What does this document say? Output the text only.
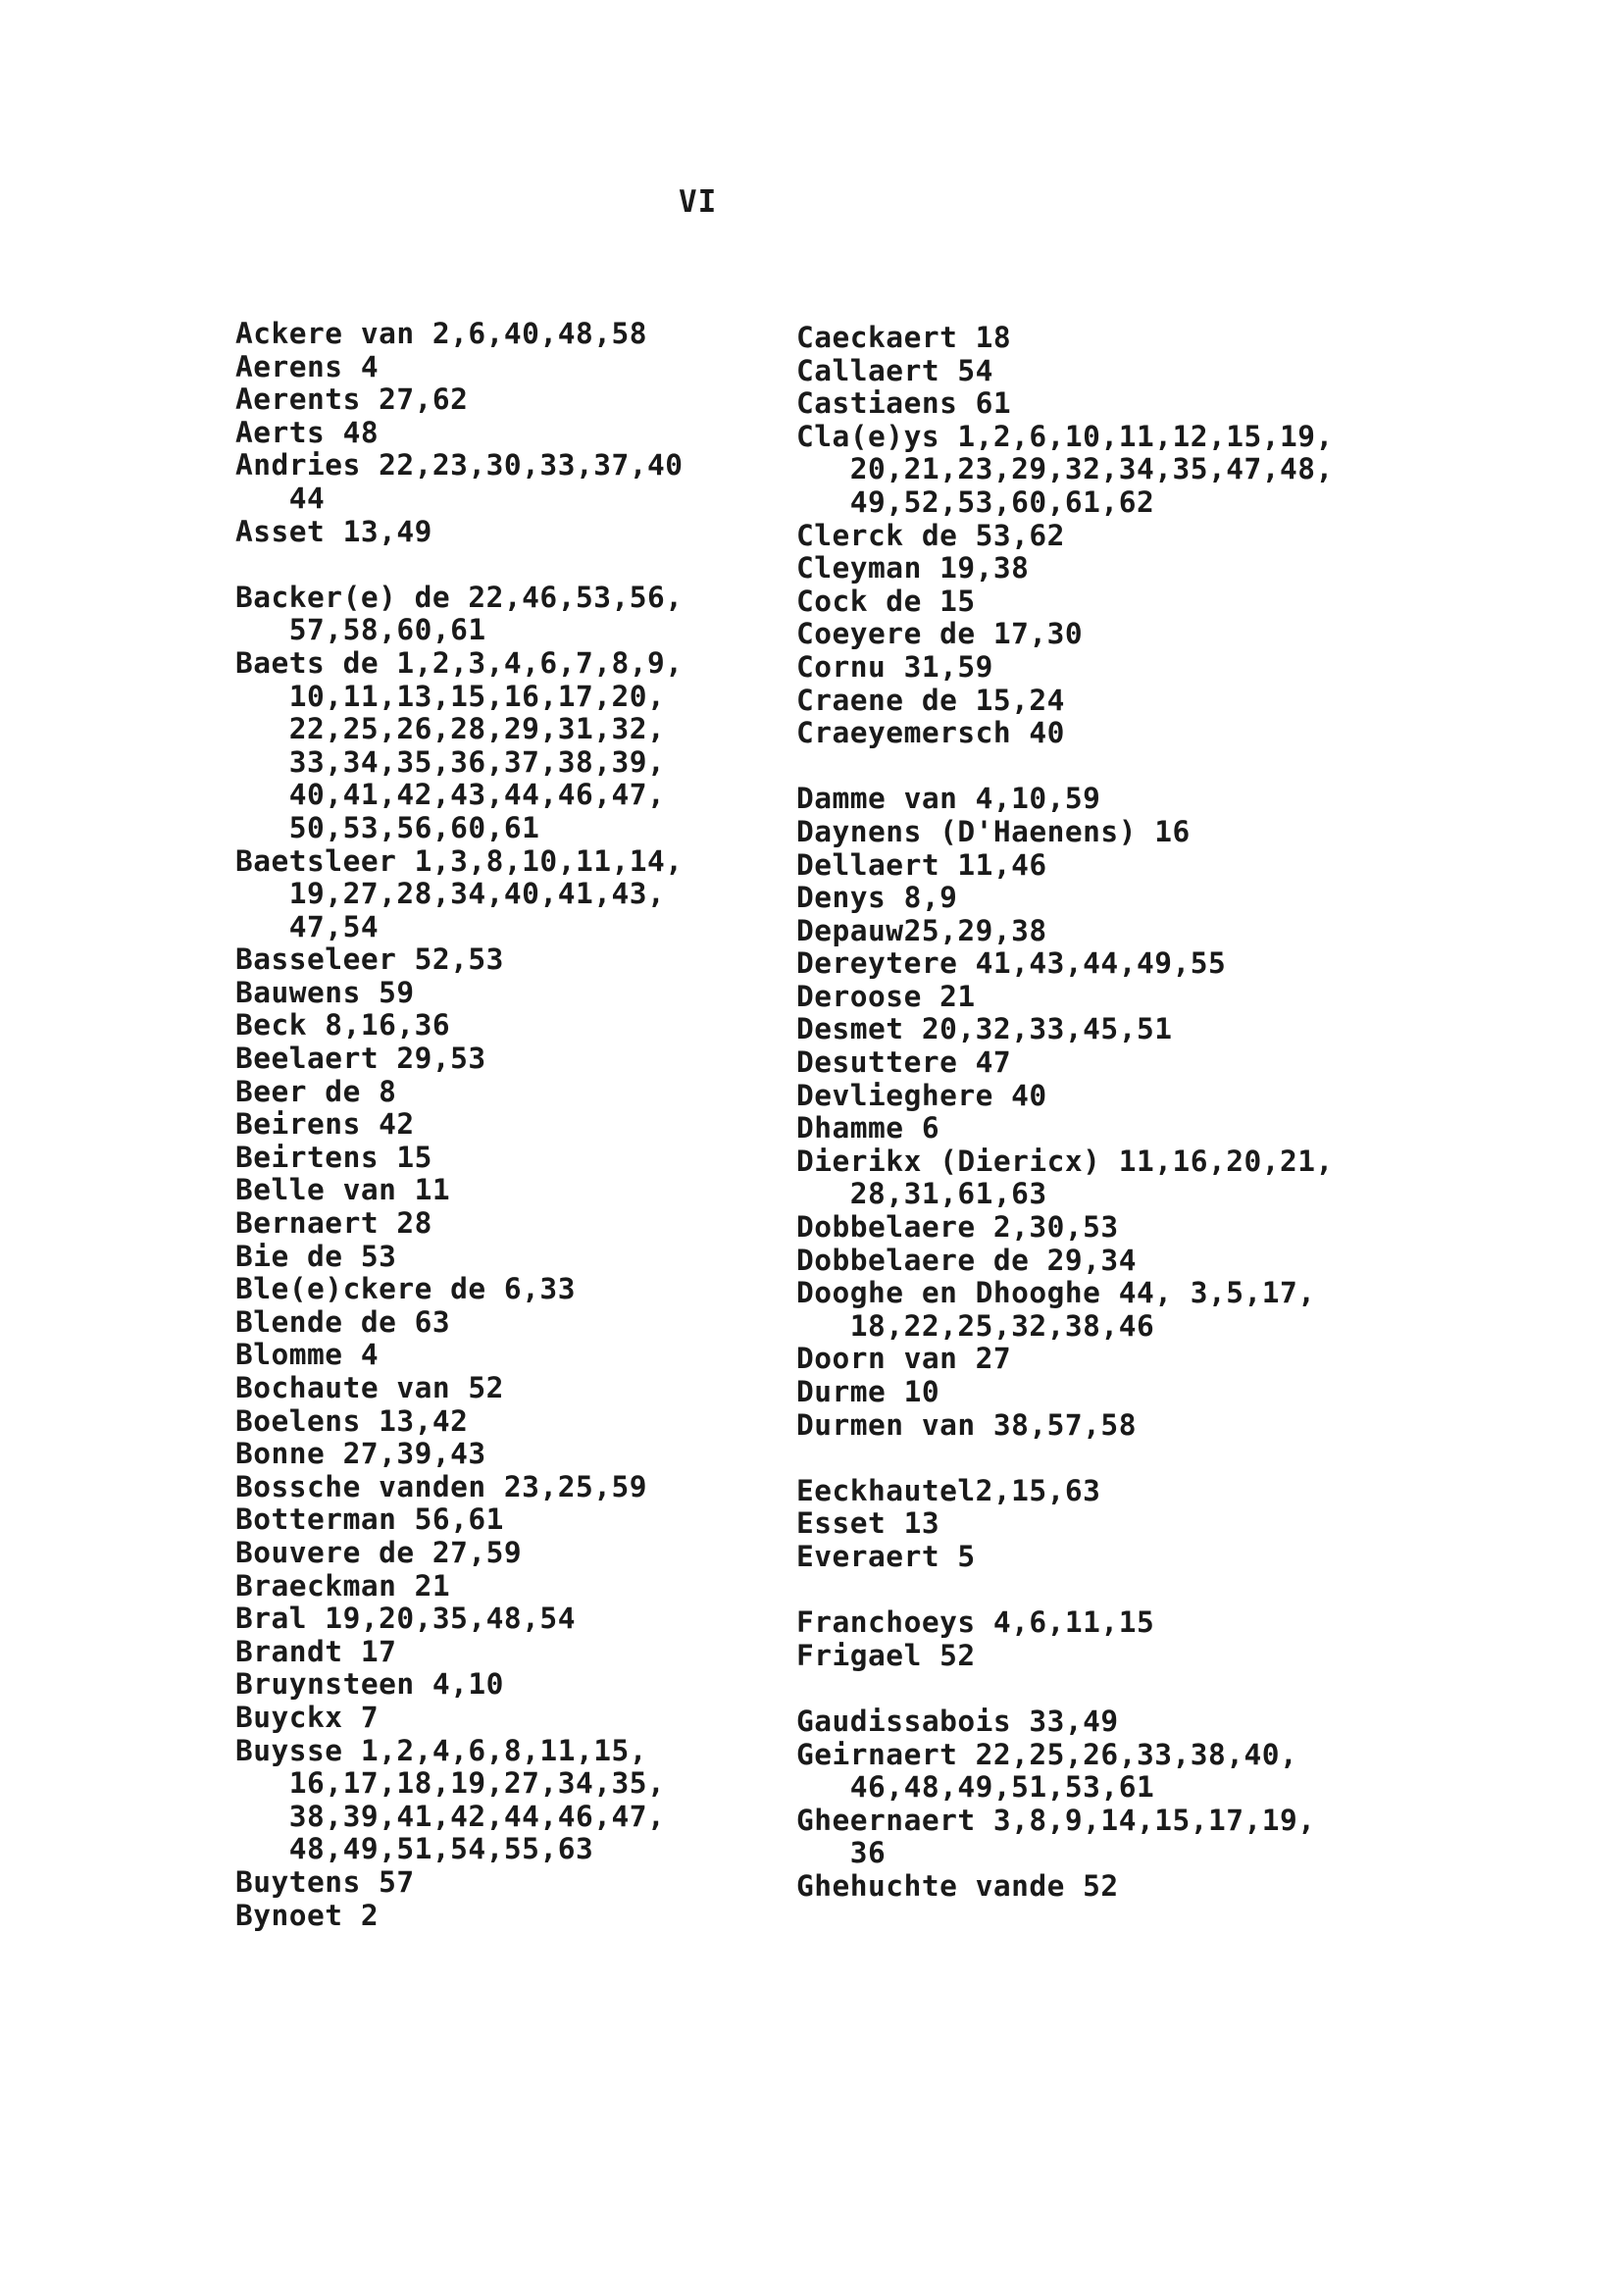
VI
Ackere van 2,6,40,48,58
Aerens 4
Aerents 27,62
Aerts 48
Andries 22,23,30,33,37,40
44
Asset 13,49
Backer(e) de 22,46,53,56,
57,58,60,61
Baets de 1,2,3,4,6,7,8,9,
10,11,13,15,16,17,20,
22,25,26,28,29,31,32,
33,34,35,36,37,38,39,
40,41,42,43,44,46,47,
50,53,56,60,61
Baetsleer 1,3,8,10,11,14,
19,27,28,34,40,41,43,
47,54
Basseleer 52,53
Bauwens 59
Beck 8,16,36
Beelaert 29,53
Beer de 8
Beirens 42
Beirtens 15
Belle van 11
Bernaert 28
Bie de 53
Ble(e)ckere de 6,33
Blende de 63
Blomme 4
Bochaute van 52
Boelens 13,42
Bonne 27,39,43
Bossche vanden 23,25,59
Botterman 56,61
Bouvere de 27,59
Braeckman 21
Bral 19,20,35,48,54
Brandt 17
Bruynsteen 4,10
Buyckx 7
Buysse 1,2,4,6,8,11,15,
16,17,18,19,27,34,35,
38,39,41,42,44,46,47,
48,49,51,54,55,63
Buytens 57
Bynoet 2
Caeckaert 18
Callaert 54
Castiaens 61
Cla(e)ys 1,2,6,10,11,12,15,19,
20,21,23,29,32,34,35,47,48,
49,52,53,60,61,62
Clerck de 53,62
Cleyman 19,38
Cock de 15
Coeyere de 17,30
Cornu 31,59
Craene de 15,24
Craeyemersch 40
Damme van 4,10,59
Daynens (D'Haenens) 16
Dellaert 11,46
Denys 8,9
Depauw25,29,38
Dereytere 41,43,44,49,55
Deroose 21
Desmet 20,32,33,45,51
Desuttere 47
Devlieghere 40
Dhamme 6
Dierikx (Diericx) 11,16,20,21,
28,31,61,63
Dobbelaere 2,30,53
Dobbelaere de 29,34
Dooghe en Dhooghe 44, 3,5,17,
18,22,25,32,38,46
Doorn van 27
Durme 10
Durmen van 38,57,58
Eeckhautel2,15,63
Esset 13
Everaert 5
Franchoeys 4,6,11,15
Frigael 52
Gaudissabois 33,49
Geirnaert 22,25,26,33,38,40,
46,48,49,51,53,61
Gheernaert 3,8,9,14,15,17,19,
36
Ghehuchte vande 52
